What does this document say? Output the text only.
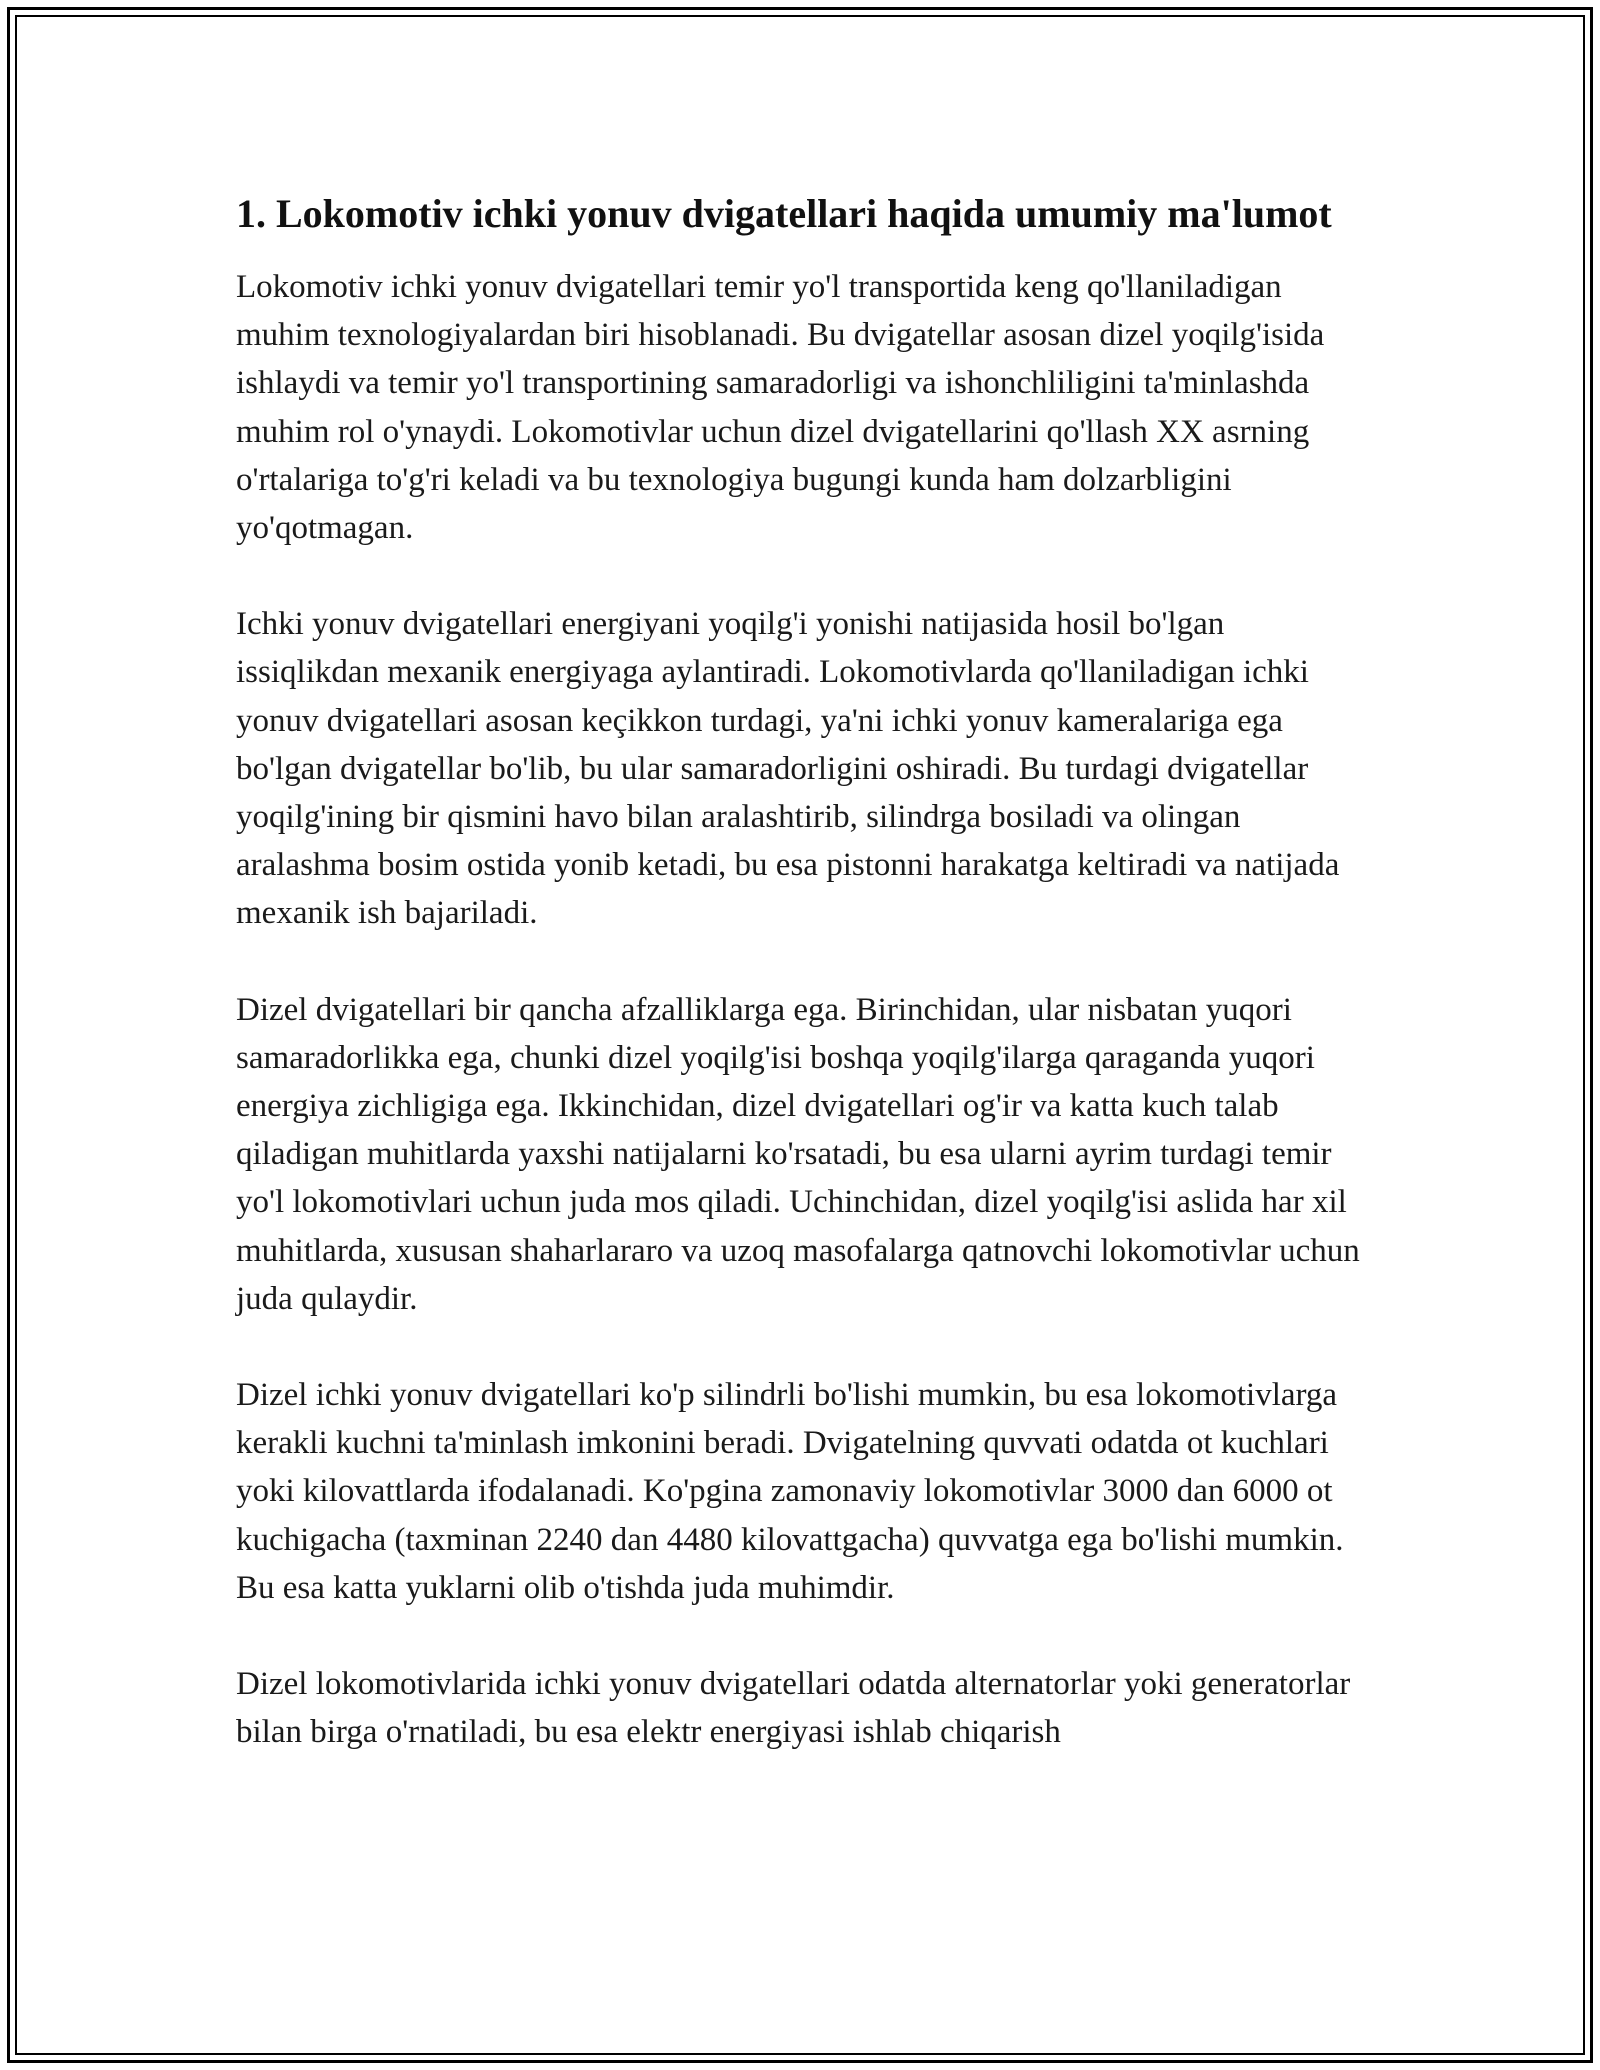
1. Lokomotiv ichki yonuv dvigatellari haqida umumiy ma'lumot

Lokomotiv ichki yonuv dvigatellari temir yo'l transportida keng qo'llaniladigan muhim texnologiyalardan biri hisoblanadi. Bu dvigatellar asosan dizel yoqilg'isida ishlaydi va temir yo'l transportining samaradorligi va ishonchliligini ta'minlashda muhim rol o'ynaydi. Lokomotivlar uchun dizel dvigatellarini qo'llash XX asrning o'rtalariga to'g'ri keladi va bu texnologiya bugungi kunda ham dolzarbligini yo'qotmagan.

Ichki yonuv dvigatellari energiyani yoqilg'i yonishi natijasida hosil bo'lgan issiqlikdan mexanik energiyaga aylantiradi. Lokomotivlarda qo'llaniladigan ichki yonuv dvigatellari asosan keçikkon turdagi, ya'ni ichki yonuv kameralariga ega bo'lgan dvigatellar bo'lib, bu ular samaradorligini oshiradi. Bu turdagi dvigatellar yoqilg'ining bir qismini havo bilan aralashtirib, silindrga bosiladi va olingan aralashma bosim ostida yonib ketadi, bu esa pistonni harakatga keltiradi va natijada mexanik ish bajariladi.

Dizel dvigatellari bir qancha afzalliklarga ega. Birinchidan, ular nisbatan yuqori samaradorlikka ega, chunki dizel yoqilg'isi boshqa yoqilg'ilarga qaraganda yuqori energiya zichligiga ega. Ikkinchidan, dizel dvigatellari og'ir va katta kuch talab qiladigan muhitlarda yaxshi natijalarni ko'rsatadi, bu esa ularni ayrim turdagi temir yo'l lokomotivlari uchun juda mos qiladi. Uchinchidan, dizel yoqilg'isi aslida har xil muhitlarda, xususan shaharlararo va uzoq masofalarga qatnovchi lokomotivlar uchun juda qulaydir.

Dizel ichki yonuv dvigatellari ko'p silindrli bo'lishi mumkin, bu esa lokomotivlarga kerakli kuchni ta'minlash imkonini beradi. Dvigatelning quvvati odatda ot kuchlari yoki kilovattlarda ifodalanadi. Ko'pgina zamonaviy lokomotivlar 3000 dan 6000 ot kuchigacha (taxminan 2240 dan 4480 kilovattgacha) quvvatga ega bo'lishi mumkin. Bu esa katta yuklarni olib o'tishda juda muhimdir.

Dizel lokomotivlarida ichki yonuv dvigatellari odatda alternatorlar yoki generatorlar bilan birga o'rnatiladi, bu esa elektr energiyasi ishlab chiqarish
